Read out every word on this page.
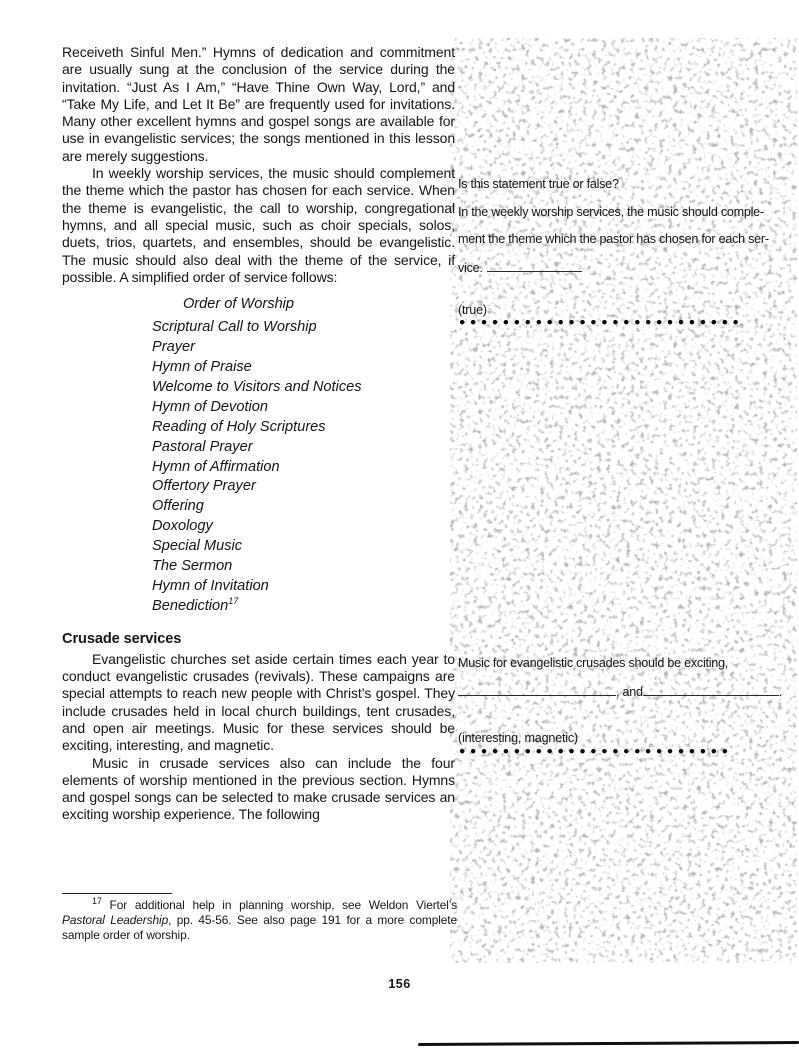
Receiveth Sinful Men.” Hymns of dedication and commitment are usually sung at the conclusion of the service during the invitation. “Just As I Am,” “Have Thine Own Way, Lord,” and “Take My Life, and Let It Be” are frequently used for invitations. Many other excellent hymns and gospel songs are available for use in evangelistic services; the songs mentioned in this lesson are merely suggestions.
In weekly worship services, the music should complement the theme which the pastor has chosen for each service. When the theme is evangelistic, the call to worship, congregational hymns, and all special music, such as choir specials, solos, duets, trios, quartets, and ensembles, should be evangelistic. The music should also deal with the theme of the service, if possible. A simplified order of service follows:
Order of Worship
Scriptural Call to Worship
Prayer
Hymn of Praise
Welcome to Visitors and Notices
Hymn of Devotion
Reading of Holy Scriptures
Pastoral Prayer
Hymn of Affirmation
Offertory Prayer
Offering
Doxology
Special Music
The Sermon
Hymn of Invitation
Benediction$^{17}$
Crusade services
Evangelistic churches set aside certain times each year to conduct evangelistic crusades (revivals). These campaigns are special attempts to reach new people with Christ’s gospel. They include crusades held in local church buildings, tent crusades, and open air meetings. Music for these services should be exciting, interesting, and magnetic.
Music in crusade services also can include the four elements of worship mentioned in the previous section. Hymns and gospel songs can be selected to make crusade services an exciting worship experience. The following
$^{17}$ For additional help in planning worship, see Weldon Viertel’s Pastoral Leadership, pp. 45-56. See also page 191 for a more complete sample order of worship.
Is this statement true or false?
In the weekly worship services, the music should comple-
ment the theme which the pastor has chosen for each ser-
vice.
(true)
●●●●●●●●●●●●●●●●●●●●●●●●●●
Music for evangelistic crusades should be exciting,
, and	.
(interesting, magnetic)
●●●●●●●●●●●●●●●●●●●●●●●●●
156
